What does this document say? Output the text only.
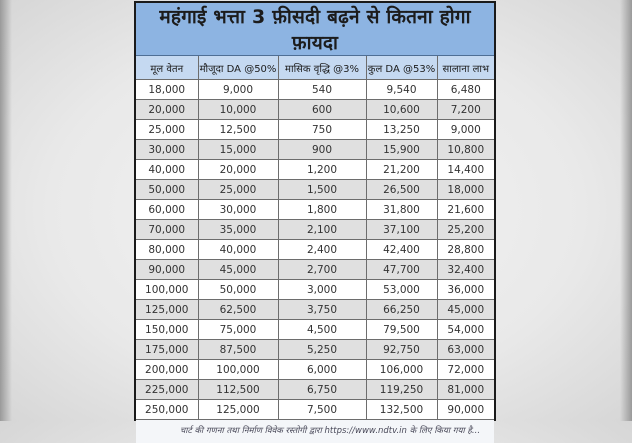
महंगाई भत्ता 3 फ़ीसदी बढ़ने से कितना होगा फ़ायदा				
मूल वेतन	मौजूदा DA @50%	मासिक वृद्धि @3%	कुल DA @53%	सालाना लाभ
18,000	9,000	540	9,540	6,480
20,000	10,000	600	10,600	7,200
25,000	12,500	750	13,250	9,000
30,000	15,000	900	15,900	10,800
40,000	20,000	1,200	21,200	14,400
50,000	25,000	1,500	26,500	18,000
60,000	30,000	1,800	31,800	21,600
70,000	35,000	2,100	37,100	25,200
80,000	40,000	2,400	42,400	28,800
90,000	45,000	2,700	47,700	32,400
100,000	50,000	3,000	53,000	36,000
125,000	62,500	3,750	66,250	45,000
150,000	75,000	4,500	79,500	54,000
175,000	87,500	5,250	92,750	63,000
200,000	100,000	6,000	106,000	72,000
225,000	112,500	6,750	119,250	81,000
250,000	125,000	7,500	132,500	90,000
चार्ट की गणना तथा निर्माण विवेक रस्तोगी द्वारा https://www.ndtv.in के लिए किया गया है...				
